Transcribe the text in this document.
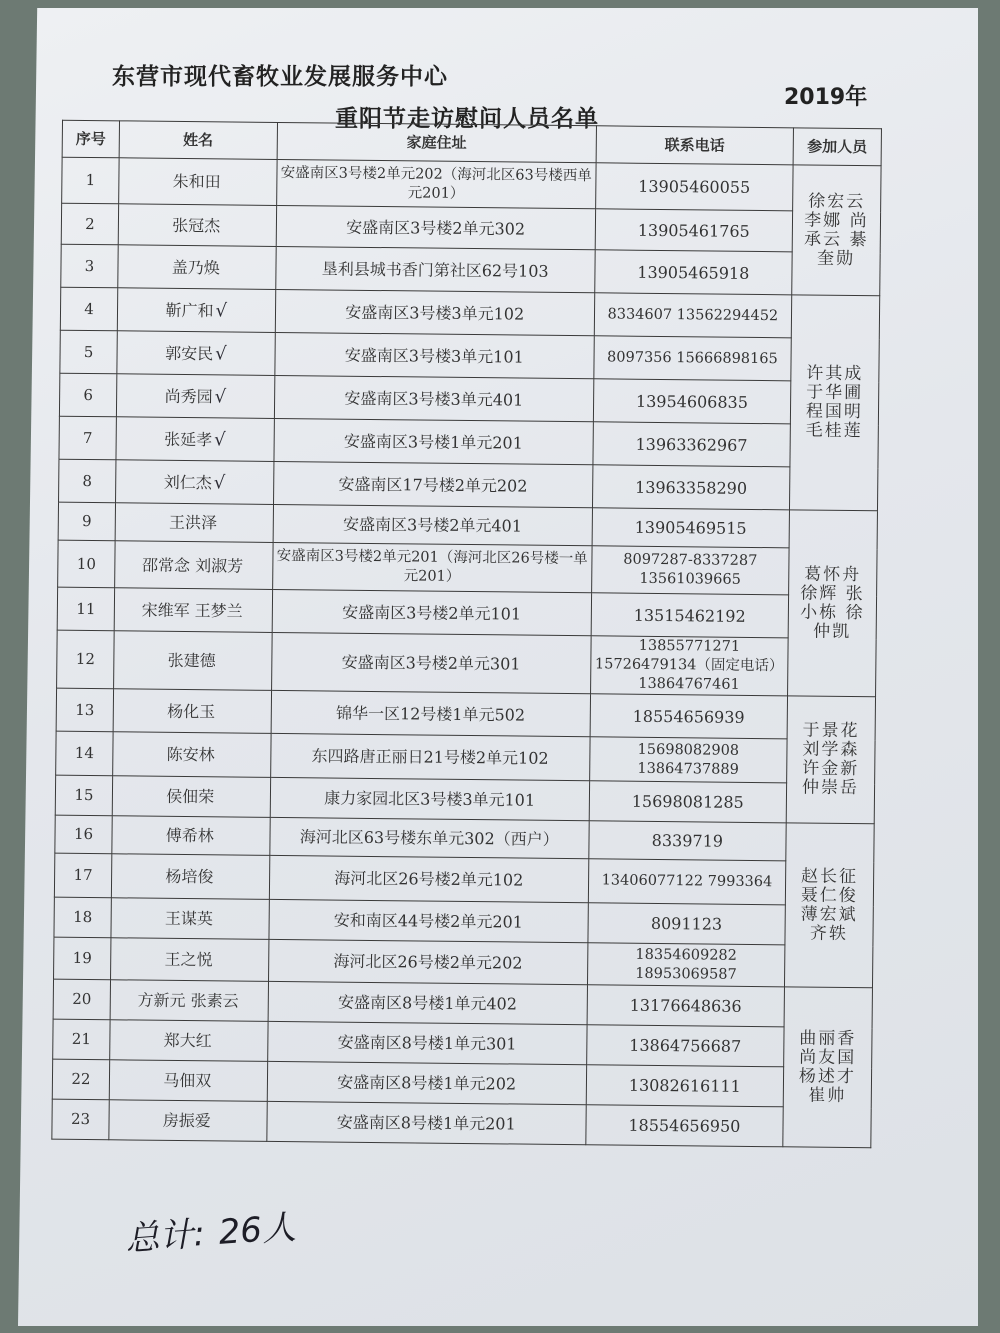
东营市现代畜牧业发展服务中心
2019年
重阳节走访慰问人员名单
序号	姓名	家庭住址	联系电话	参加人员
1	朱和田	安盛南区3号楼2单元202（海河北区63号楼西单元201）	13905460055	徐宏云 李娜 尚承云 綦奎勋
2	张冠杰	安盛南区3号楼2单元302	13905461765	
3	盖乃焕	垦利县城书香门第社区62号103	13905465918	
4	靳广和√	安盛南区3号楼3单元102	8334607 13562294452	许其成 于华圃 程国明 毛桂莲
5	郭安民√	安盛南区3号楼3单元101	8097356 15666898165	
6	尚秀园√	安盛南区3号楼3单元401	13954606835	
7	张延孝√	安盛南区3号楼1单元201	13963362967	
8	刘仁杰√	安盛南区17号楼2单元202	13963358290	
9	王洪泽	安盛南区3号楼2单元401	13905469515	葛怀舟 徐辉 张小栋 徐仲凯
10	邵常念 刘淑芳	安盛南区3号楼2单元201（海河北区26号楼一单元201）	8097287-8337287 13561039665	
11	宋维军 王梦兰	安盛南区3号楼2单元101	13515462192	
12	张建德	安盛南区3号楼2单元301	13855771271 15726479134（固定电话）13864767461	
13	杨化玉	锦华一区12号楼1单元502	18554656939	于景花 刘学森 许金新 仲崇岳
14	陈安林	东四路唐正丽日21号楼2单元102	15698082908 13864737889	
15	侯佃荣	康力家园北区3号楼3单元101	15698081285	
16	傅希林	海河北区63号楼东单元302（西户）	8339719	赵长征 聂仁俊 薄宏斌 齐轶
17	杨培俊	海河北区26号楼2单元102	13406077122 7993364	
18	王谋英	安和南区44号楼2单元201	8091123	
19	王之悦	海河北区26号楼2单元202	18354609282 18953069587	
20	方新元 张素云	安盛南区8号楼1单元402	13176648636	曲丽香 尚友国 杨述才 崔帅
21	郑大红	安盛南区8号楼1单元301	13864756687	
22	马佃双	安盛南区8号楼1单元202	13082616111	
23	房振爱	安盛南区8号楼1单元201	18554656950	
总计: 26人
